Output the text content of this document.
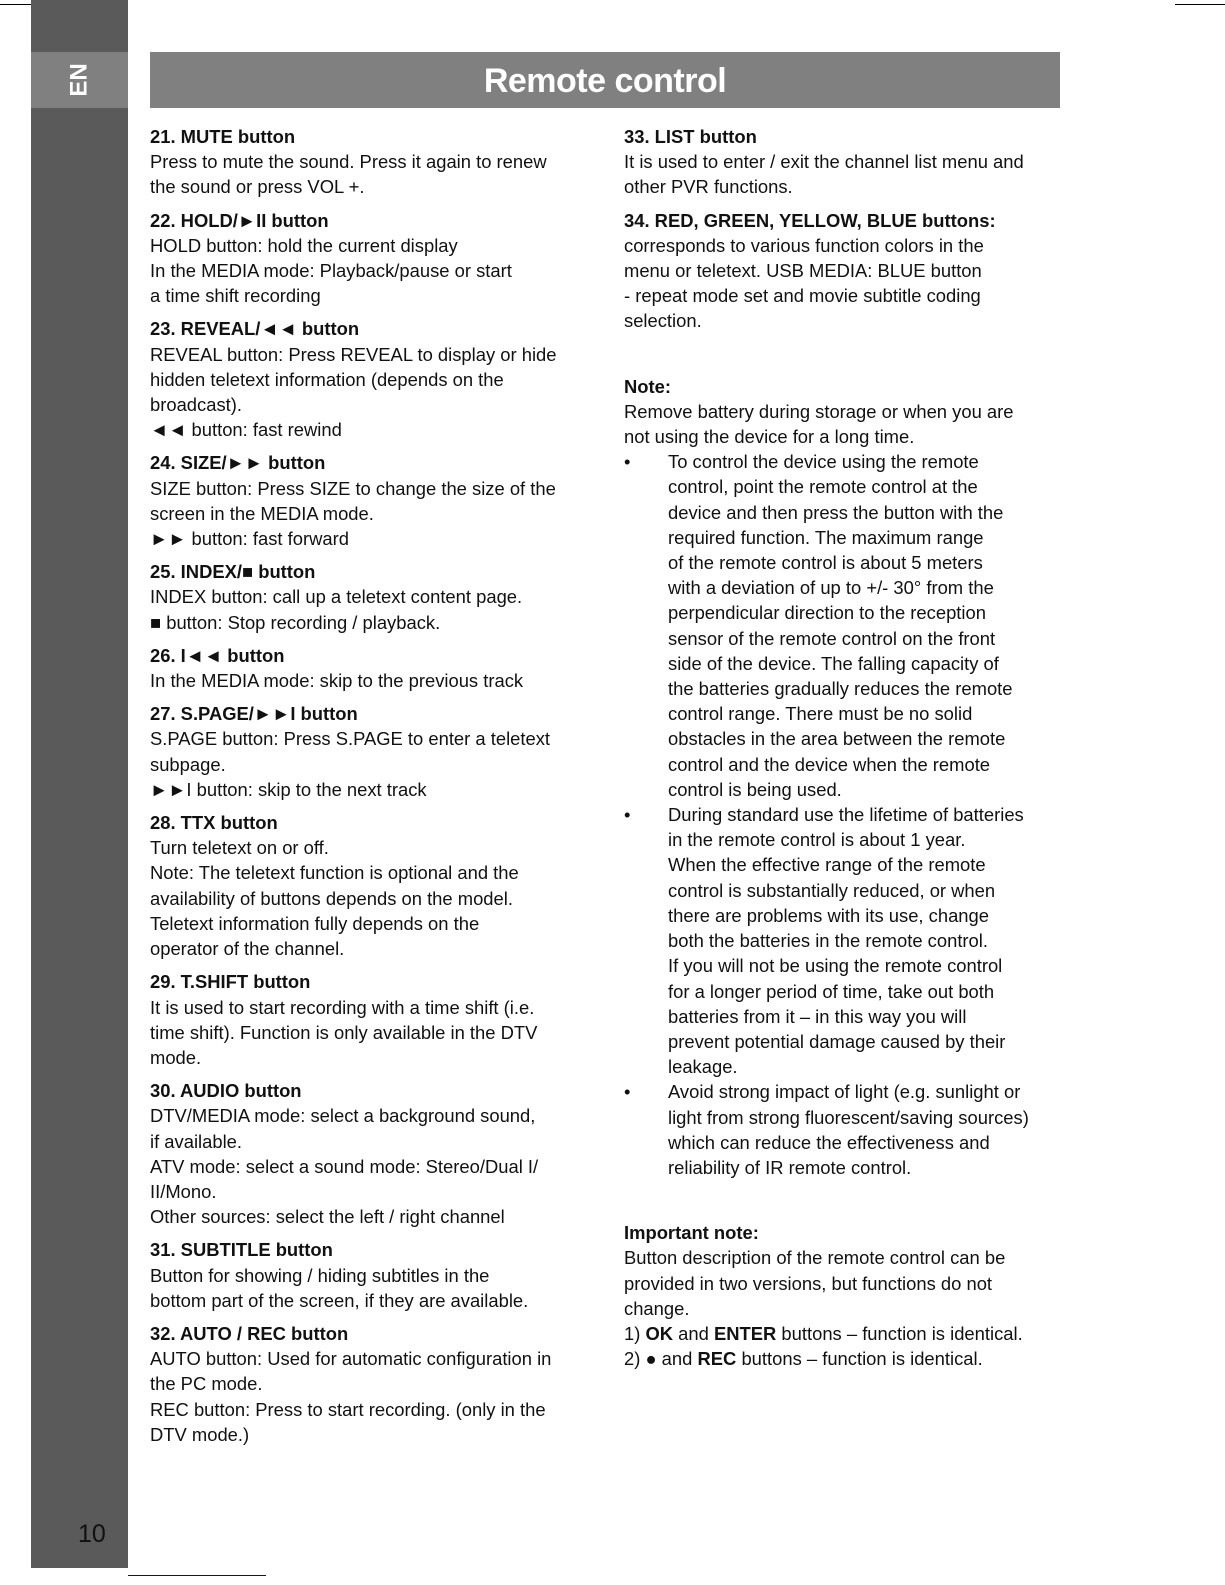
EN
10
Remote control
21. MUTE button
Press to mute the sound. Press it again to renew
the sound or press VOL +.
22. HOLD/►II button
HOLD button: hold the current display
In the MEDIA mode: Playback/pause or start
a time shift recording
23. REVEAL/◄◄ button
REVEAL button: Press REVEAL to display or hide
hidden teletext information (depends on the
broadcast).
◄◄ button: fast rewind
24. SIZE/►► button
SIZE button: Press SIZE to change the size of the
screen in the MEDIA mode.
►► button: fast forward
25. INDEX/■ button
INDEX button: call up a teletext content page.
■ button: Stop recording / playback.
26. I◄◄ button
In the MEDIA mode: skip to the previous track
27. S.PAGE/►►I button
S.PAGE button: Press S.PAGE to enter a teletext
subpage.
►►I button: skip to the next track
28. TTX button
Turn teletext on or off.
Note: The teletext function is optional and the
availability of buttons depends on the model.
Teletext information fully depends on the
operator of the channel.
29. T.SHIFT button
It is used to start recording with a time shift (i.e.
time shift). Function is only available in the DTV
mode.
30. AUDIO button
DTV/MEDIA mode: select a background sound,
if available.
ATV mode: select a sound mode: Stereo/Dual I/
II/Mono.
Other sources: select the left / right channel
31. SUBTITLE button
Button for showing / hiding subtitles in the
bottom part of the screen, if they are available.
32. AUTO / REC button
AUTO button: Used for automatic configuration in
the PC mode.
REC button: Press to start recording. (only in the
DTV mode.)
33. LIST button
It is used to enter / exit the channel list menu and
other PVR functions.
34. RED, GREEN, YELLOW, BLUE buttons:
corresponds to various function colors in the
menu or teletext. USB MEDIA: BLUE button
- repeat mode set and movie subtitle coding
selection.
Note:
Remove battery during storage or when you are
not using the device for a long time.
•	To control the device using the remote
control, point the remote control at the
device and then press the button with the
required function. The maximum range
of the remote control is about 5 meters
with a deviation of up to +/- 30° from the
perpendicular direction to the reception
sensor of the remote control on the front
side of the device. The falling capacity of
the batteries gradually reduces the remote
control range. There must be no solid
obstacles in the area between the remote
control and the device when the remote
control is being used.
•	During standard use the lifetime of batteries
in the remote control is about 1 year.
When the effective range of the remote
control is substantially reduced, or when
there are problems with its use, change
both the batteries in the remote control.
If you will not be using the remote control
for a longer period of time, take out both
batteries from it – in this way you will
prevent potential damage caused by their
leakage.
•	Avoid strong impact of light (e.g. sunlight or
light from strong fluorescent/saving sources)
which can reduce the effectiveness and
reliability of IR remote control.
Important note:
Button description of the remote control can be
provided in two versions, but functions do not
change.
1) OK and ENTER buttons – function is identical.
2) ● and REC buttons – function is identical.
